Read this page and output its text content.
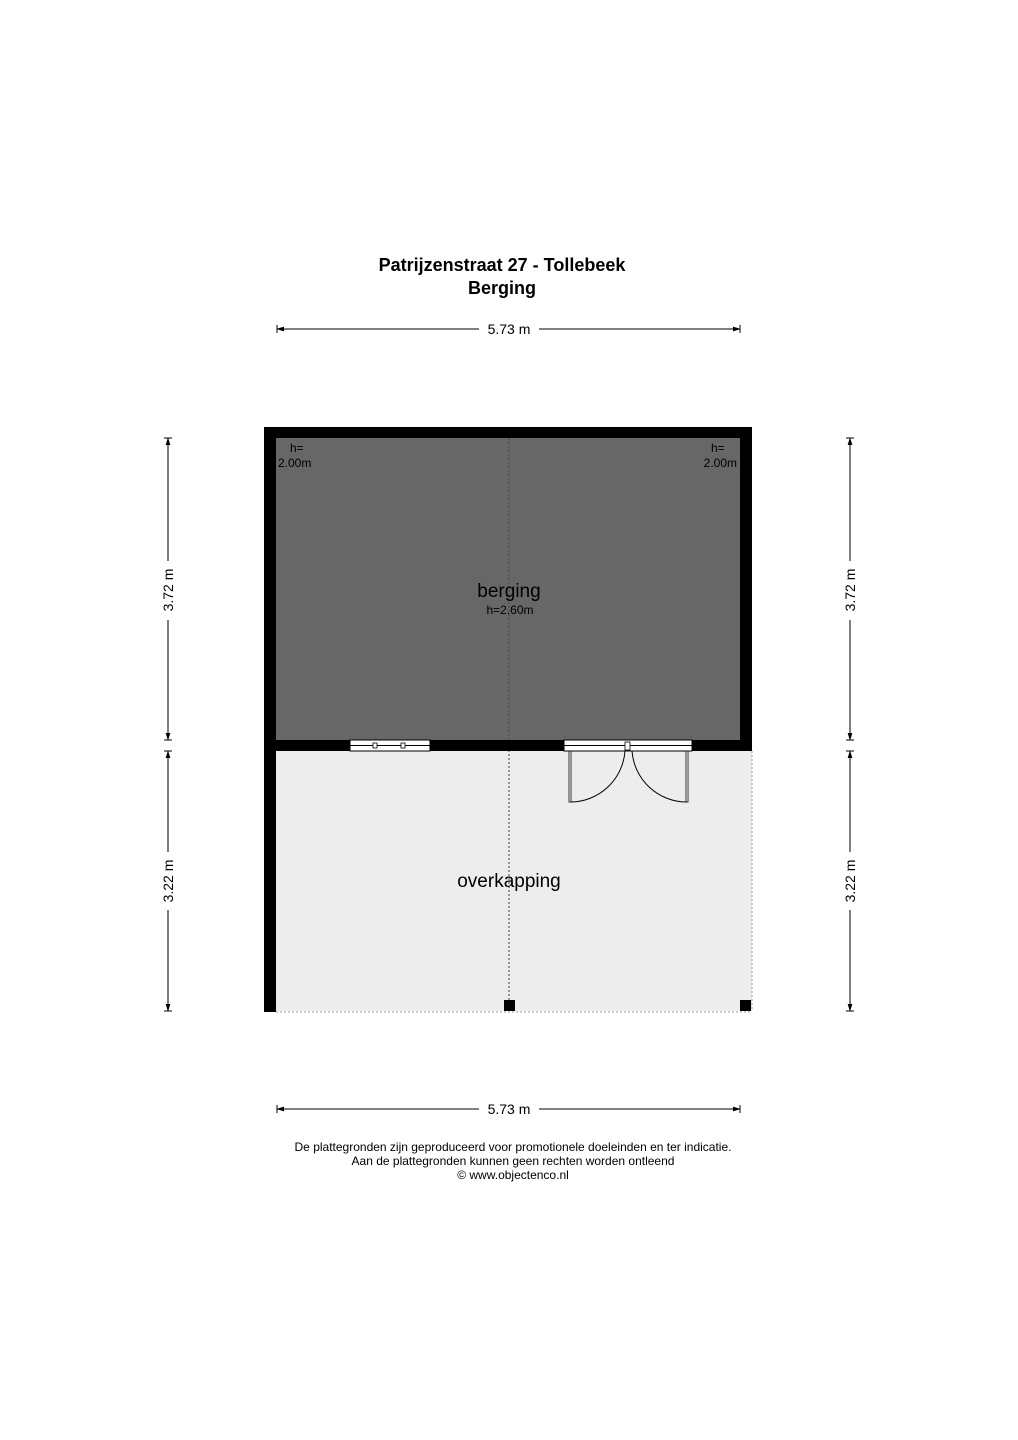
Patrijzenstraat 27 - Tollebeek
Berging
berging
h=2.60m
h=
2.00m
h=
2.00m
overkapping
5.73 m
5.73 m
3.72 m
3.22 m
3.72 m
3.22 m
De plattegronden zijn geproduceerd voor promotionele doeleinden en ter indicatie.
Aan de plattegronden kunnen geen rechten worden ontleend
© www.objectenco.nl
